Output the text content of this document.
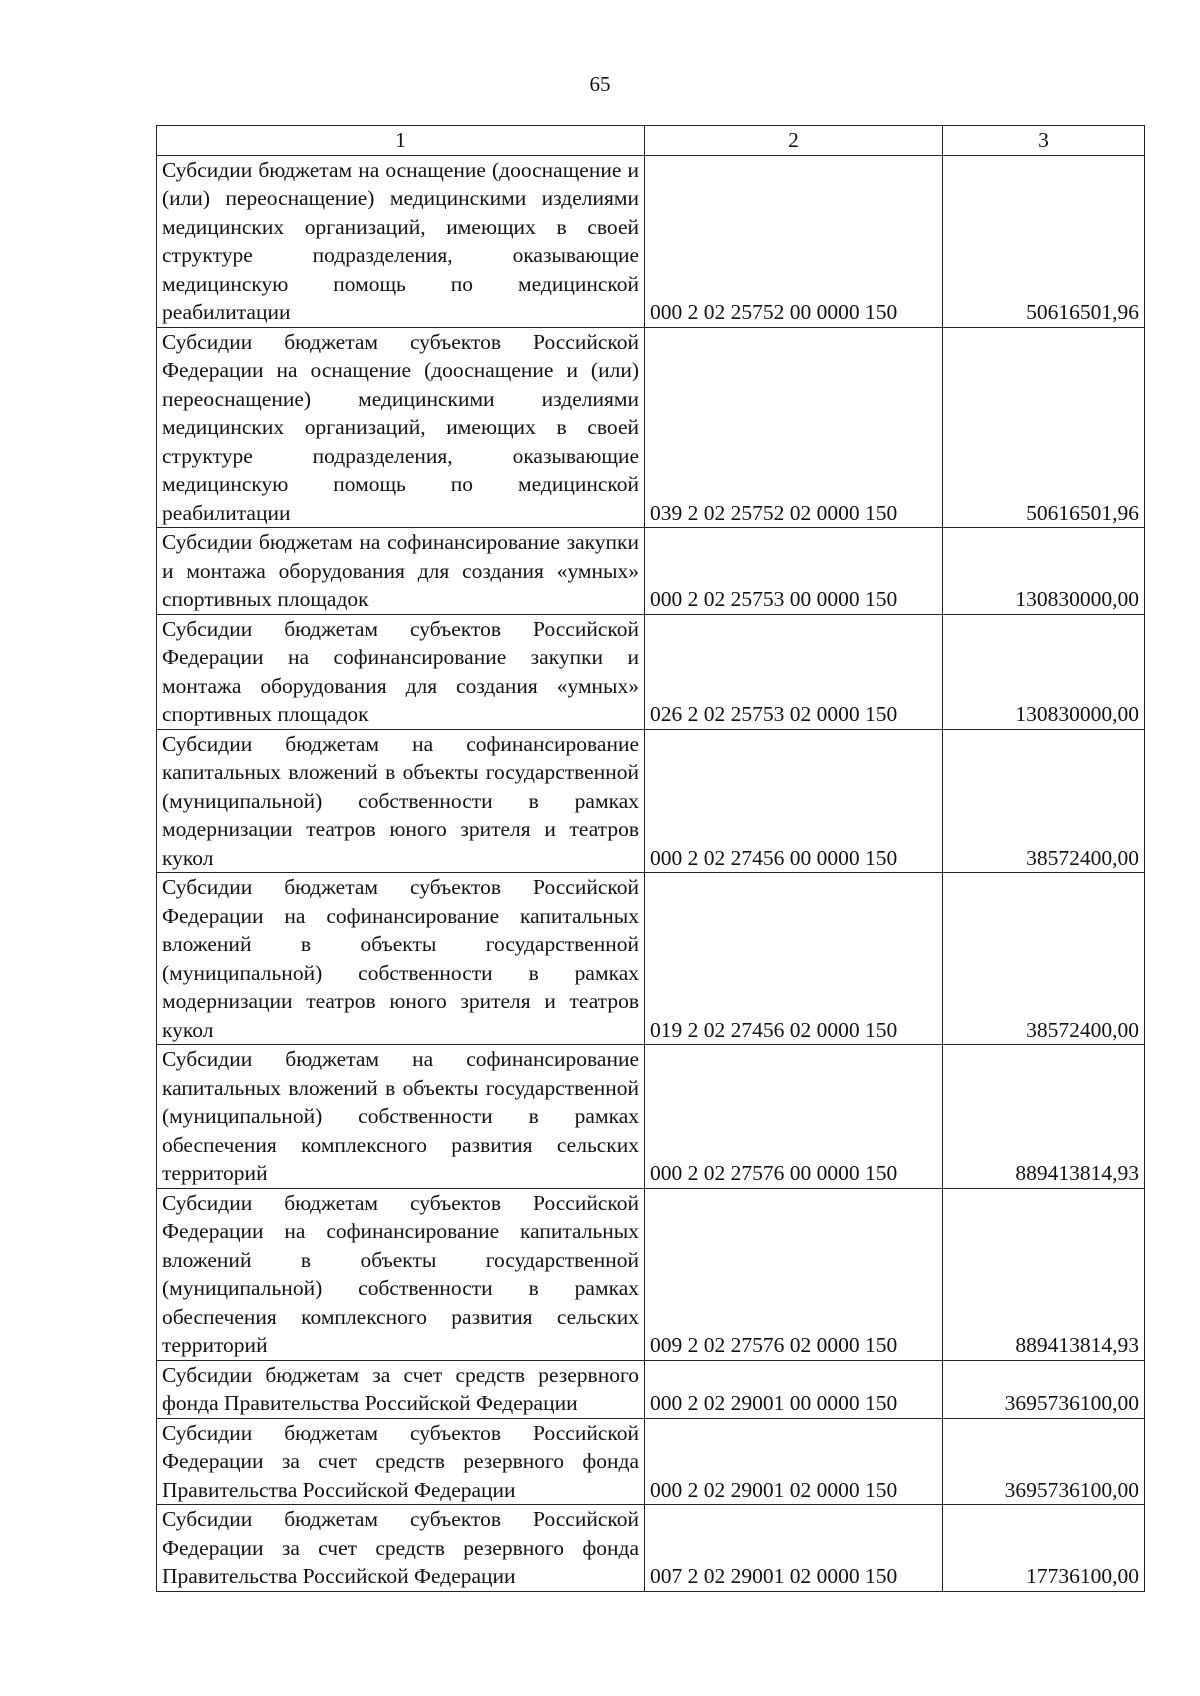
65
1	2	3
Субсидии бюджетам на оснащение (дооснащение и (или) переоснащение) медицинскими изделиями медицинских организаций, имеющих в своей структуре подразделения, оказывающие медицинскую помощь по медицинской реабилитации	000 2 02 25752 00 0000 150	50616501,96
Субсидии бюджетам субъектов Российской Федерации на оснащение (дооснащение и (или) переоснащение) медицинскими изделиями медицинских организаций, имеющих в своей структуре подразделения, оказывающие медицинскую помощь по медицинской реабилитации	039 2 02 25752 02 0000 150	50616501,96
Субсидии бюджетам на софинансирование закупки и монтажа оборудования для создания «умных» спортивных площадок	000 2 02 25753 00 0000 150	130830000,00
Субсидии бюджетам субъектов Российской Федерации на софинансирование закупки и монтажа оборудования для создания «умных» спортивных площадок	026 2 02 25753 02 0000 150	130830000,00
Субсидии бюджетам на софинансирование капитальных вложений в объекты государственной (муниципальной) собственности в рамках модернизации театров юного зрителя и театров кукол	000 2 02 27456 00 0000 150	38572400,00
Субсидии бюджетам субъектов Российской Федерации на софинансирование капитальных вложений в объекты государственной (муниципальной) собственности в рамках модернизации театров юного зрителя и театров кукол	019 2 02 27456 02 0000 150	38572400,00
Субсидии бюджетам на софинансирование капитальных вложений в объекты государственной (муниципальной) собственности в рамках обеспечения комплексного развития сельских территорий	000 2 02 27576 00 0000 150	889413814,93
Субсидии бюджетам субъектов Российской Федерации на софинансирование капитальных вложений в объекты государственной (муниципальной) собственности в рамках обеспечения комплексного развития сельских территорий	009 2 02 27576 02 0000 150	889413814,93
Субсидии бюджетам за счет средств резервного фонда Правительства Российской Федерации	000 2 02 29001 00 0000 150	3695736100,00
Субсидии бюджетам субъектов Российской Федерации за счет средств резервного фонда Правительства Российской Федерации	000 2 02 29001 02 0000 150	3695736100,00
Субсидии бюджетам субъектов Российской Федерации за счет средств резервного фонда Правительства Российской Федерации	007 2 02 29001 02 0000 150	17736100,00
